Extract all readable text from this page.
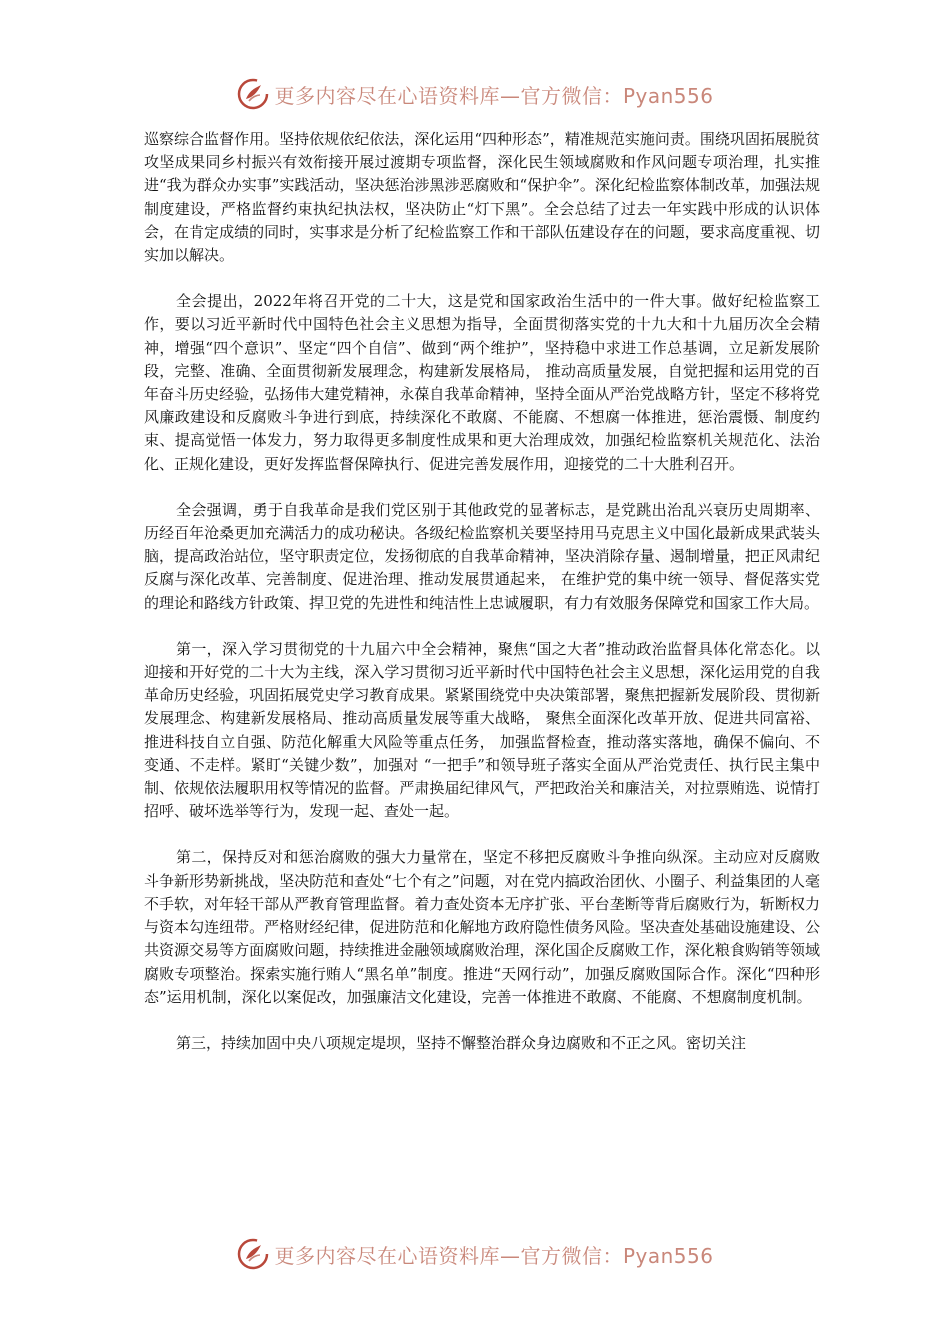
更多内容尽在心语资料库—官方微信：Pyan556

巡察综合监督作用。坚持依规依纪依法，深化运用“四种形态”，精准规范实施问责。围绕巩固拓展脱贫攻坚成果同乡村振兴有效衔接开展过渡期专项监督，深化民生领域腐败和作风问题专项治理，扎实推进“我为群众办实事”实践活动，坚决惩治涉黑涉恶腐败和“保护伞”。深化纪检监察体制改革，加强法规制度建设，严格监督约束执纪执法权，坚决防止“灯下黑”。全会总结了过去一年实践中形成的认识体会，在肯定成绩的同时，实事求是分析了纪检监察工作和干部队伍建设存在的问题，要求高度重视、切实加以解决。

全会提出，2022年将召开党的二十大，这是党和国家政治生活中的一件大事。做好纪检监察工作，要以习近平新时代中国特色社会主义思想为指导，全面贯彻落实党的十九大和十九届历次全会精神，增强“四个意识”、坚定“四个自信”、做到“两个维护”，坚持稳中求进工作总基调，立足新发展阶段，完整、准确、全面贯彻新发展理念，构建新发展格局， 推动高质量发展，自觉把握和运用党的百年奋斗历史经验，弘扬伟大建党精神，永葆自我革命精神，坚持全面从严治党战略方针，坚定不移将党风廉政建设和反腐败斗争进行到底，持续深化不敢腐、不能腐、不想腐一体推进，惩治震慑、制度约束、提高觉悟一体发力，努力取得更多制度性成果和更大治理成效，加强纪检监察机关规范化、法治化、正规化建设，更好发挥监督保障执行、促进完善发展作用，迎接党的二十大胜利召开。

全会强调，勇于自我革命是我们党区别于其他政党的显著标志，是党跳出治乱兴衰历史周期率、历经百年沧桑更加充满活力的成功秘诀。各级纪检监察机关要坚持用马克思主义中国化最新成果武装头脑，提高政治站位，坚守职责定位，发扬彻底的自我革命精神，坚决消除存量、遏制增量，把正风肃纪反腐与深化改革、完善制度、促进治理、推动发展贯通起来， 在维护党的集中统一领导、督促落实党的理论和路线方针政策、捍卫党的先进性和纯洁性上忠诚履职，有力有效服务保障党和国家工作大局。

第一，深入学习贯彻党的十九届六中全会精神，聚焦“国之大者”推动政治监督具体化常态化。以迎接和开好党的二十大为主线，深入学习贯彻习近平新时代中国特色社会主义思想，深化运用党的自我革命历史经验，巩固拓展党史学习教育成果。紧紧围绕党中央决策部署，聚焦把握新发展阶段、贯彻新发展理念、构建新发展格局、推动高质量发展等重大战略， 聚焦全面深化改革开放、促进共同富裕、推进科技自立自强、防范化解重大风险等重点任务， 加强监督检查，推动落实落地，确保不偏向、不变通、不走样。紧盯“关键少数”，加强对 “一把手”和领导班子落实全面从严治党责任、执行民主集中制、依规依法履职用权等情况的监督。严肃换届纪律风气，严把政治关和廉洁关，对拉票贿选、说情打招呼、破坏选举等行为，发现一起、查处一起。

第二，保持反对和惩治腐败的强大力量常在，坚定不移把反腐败斗争推向纵深。主动应对反腐败斗争新形势新挑战，坚决防范和查处“七个有之”问题，对在党内搞政治团伙、小圈子、利益集团的人毫不手软，对年轻干部从严教育管理监督。着力查处资本无序扩张、平台垄断等背后腐败行为，斩断权力与资本勾连纽带。严格财经纪律，促进防范和化解地方政府隐性债务风险。坚决查处基础设施建设、公共资源交易等方面腐败问题，持续推进金融领域腐败治理，深化国企反腐败工作，深化粮食购销等领域腐败专项整治。探索实施行贿人“黑名单”制度。推进“天网行动”，加强反腐败国际合作。深化“四种形态”运用机制，深化以案促改，加强廉洁文化建设，完善一体推进不敢腐、不能腐、不想腐制度机制。

第三，持续加固中央八项规定堤坝，坚持不懈整治群众身边腐败和不正之风。密切关注

更多内容尽在心语资料库—官方微信：Pyan556
